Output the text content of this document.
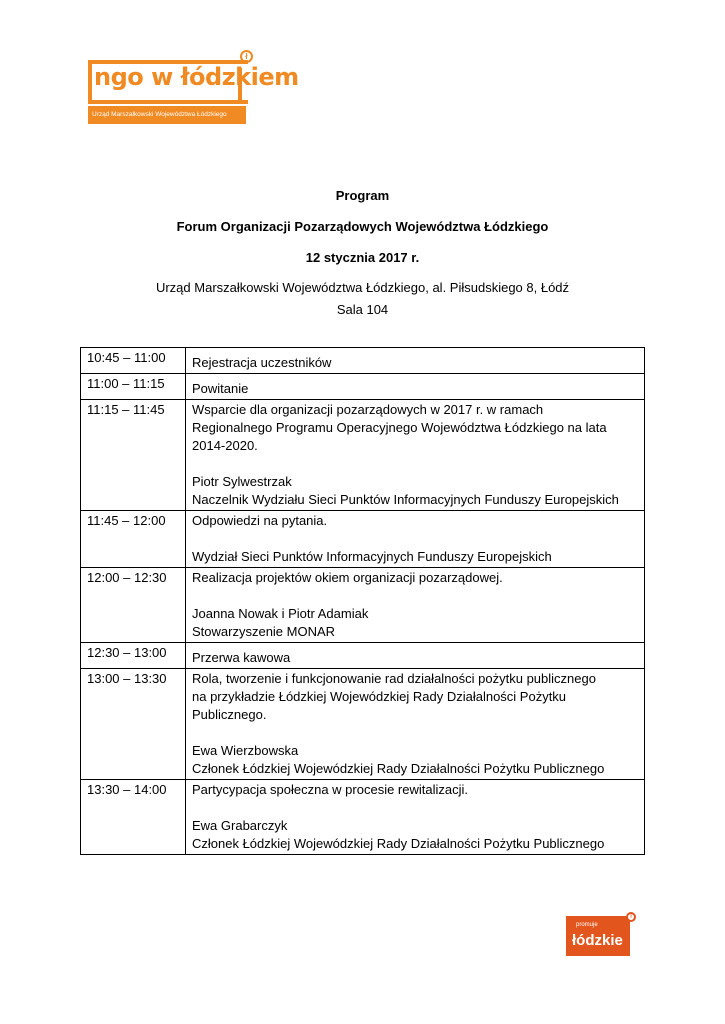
ł
ngo w łódzkiem
Urząd Marszałkowski Województwa Łódzkiego
Program
Forum Organizacji Pozarządowych Województwa Łódzkiego
12 stycznia 2017 r.
Urząd Marszałkowski Województwa Łódzkiego, al. Piłsudskiego 8, Łódź
Sala 104
10:45 – 11:00	Rejestracja uczestników

11:00 – 11:15	Powitanie

11:15 – 11:45	Wsparcie dla organizacji pozarządowych w 2017 r. w ramach
Regionalnego Programu Operacyjnego Województwa Łódzkiego na lata
2014-2020.
Piotr Sylwestrzak
Naczelnik Wydziału Sieci Punktów Informacyjnych Funduszy Europejskich

11:45 – 12:00	Odpowiedzi na pytania.
Wydział Sieci Punktów Informacyjnych Funduszy Europejskich

12:00 – 12:30	Realizacja projektów okiem organizacji pozarządowej.
Joanna Nowak i Piotr Adamiak
Stowarzyszenie MONAR

12:30 – 13:00	Przerwa kawowa

13:00 – 13:30	Rola, tworzenie i funkcjonowanie rad działalności pożytku publicznego
na przykładzie Łódzkiej Wojewódzkiej Rady Działalności Pożytku
Publicznego.
Ewa Wierzbowska
Członek Łódzkiej Wojewódzkiej Rady Działalności Pożytku Publicznego

13:30 – 14:00	Partycypacja społeczna w procesie rewitalizacji.
Ewa Grabarczyk
Członek Łódzkiej Wojewódzkiej Rady Działalności Pożytku Publicznego
ł
promuje
łódzkie
